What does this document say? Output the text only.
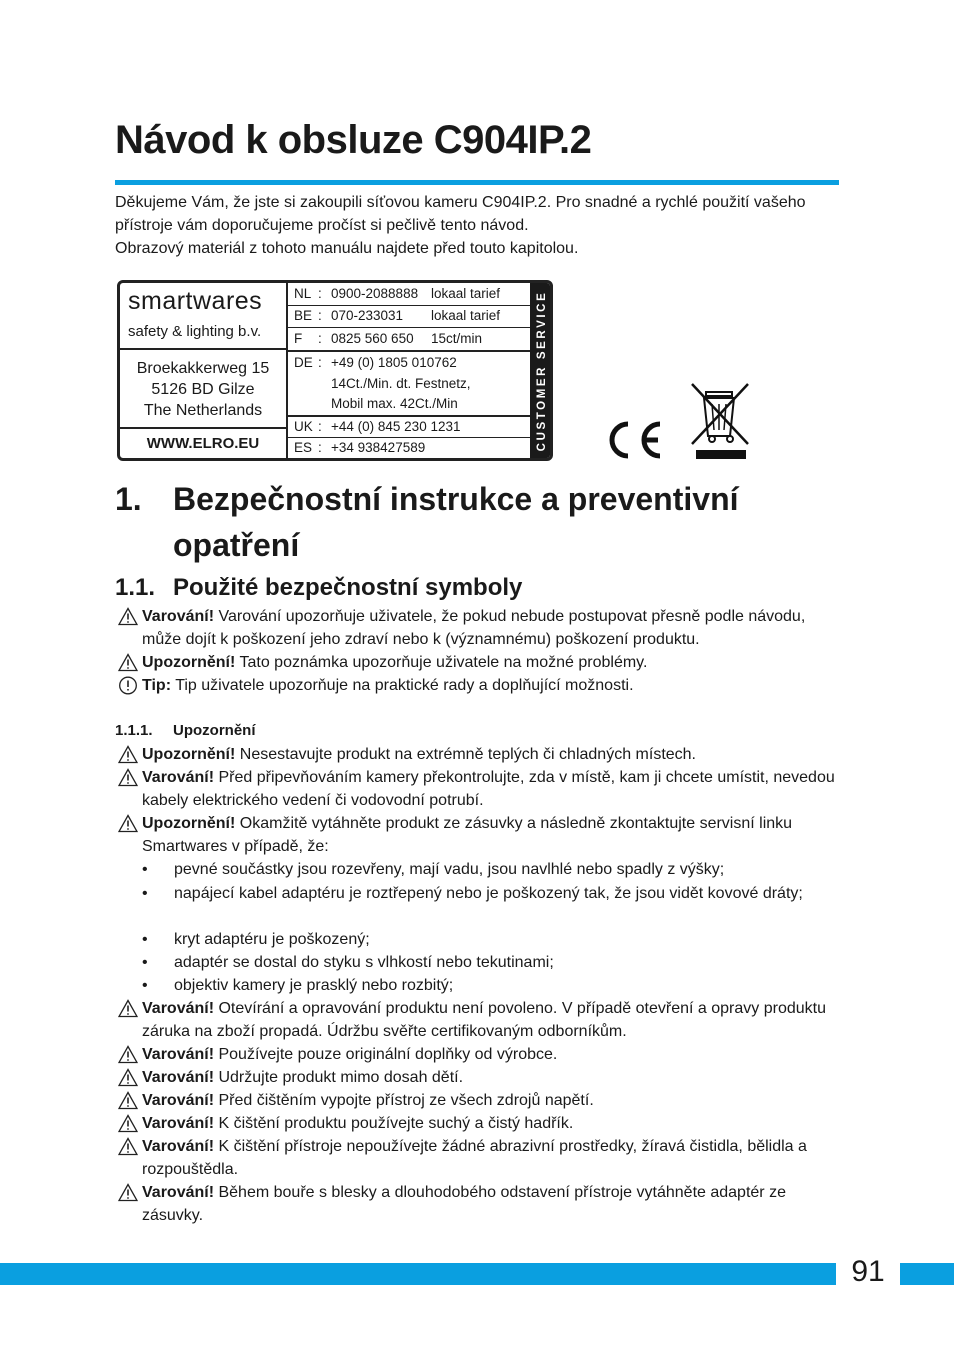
Návod k obsluze C904IP.2

Děkujeme Vám, že jste si zakoupili síťovou kameru C904IP.2. Pro snadné a rychlé použití vašeho přístroje vám doporučujeme pročíst si pečlivě tento návod.

Obrazový materiál z tohoto manuálu najdete před touto kapitolou.

smartwares
safety & lighting b.v.
Broekakkerweg 15
5126 BD Gilze
The Netherlands
WWW.ELRO.EU
NL : 0900-2088888 lokaal tarief
BE : 070-233031 lokaal tarief
F : 0825 560 650 15ct/min
DE : +49 (0) 1805 010762
14Ct./Min. dt. Festnetz,
Mobil max. 42Ct./Min
UK : +44 (0) 845 230 1231
ES : +34 938427589	CUSTOMER SERVICE
1. Bezpečnostní instrukce a preventivní
opatření
1.1. Použité bezpečnostní symboly
Varování! Varování upozorňuje uživatele, že pokud nebude postupovat přesně podle návodu, může dojít k poškození jeho zdraví nebo k (významnému) poškození produktu.
Upozornění! Tato poznámka upozorňuje uživatele na možné problémy.
Tip: Tip uživatele upozorňuje na praktické rady a doplňující možnosti.
1.1.1. Upozornění
Upozornění! Nesestavujte produkt na extrémně teplých či chladných místech.
Varování! Před připevňováním kamery překontrolujte, zda v místě, kam ji chcete umístit, nevedou kabely elektrického vedení či vodovodní potrubí.
Upozornění! Okamžitě vytáhněte produkt ze zásuvky a následně zkontaktujte servisní linku Smartwares v případě, že:
• pevné součástky jsou rozevřeny, mají vadu, jsou navlhlé nebo spadly z výšky;
• napájecí kabel adaptéru je roztřepený nebo je poškozený tak, že jsou vidět kovové dráty;
• kryt adaptéru je poškozený;
• adaptér se dostal do styku s vlhkostí nebo tekutinami;
• objektiv kamery je prasklý nebo rozbitý;
Varování! Otevírání a opravování produktu není povoleno. V případě otevření a opravy produktu záruka na zboží propadá. Údržbu svěřte certifikovaným odborníkům.
Varování! Používejte pouze originální doplňky od výrobce.
Varování! Udržujte produkt mimo dosah dětí.
Varování! Před čištěním vypojte přístroj ze všech zdrojů napětí.
Varování! K čištění produktu používejte suchý a čistý hadřík.
Varování! K čištění přístroje nepoužívejte žádné abrazivní prostředky, žíravá čistidla, bělidla a rozpouštědla.
Varování! Během bouře s blesky a dlouhodobého odstavení přístroje vytáhněte adaptér ze zásuvky.
91
